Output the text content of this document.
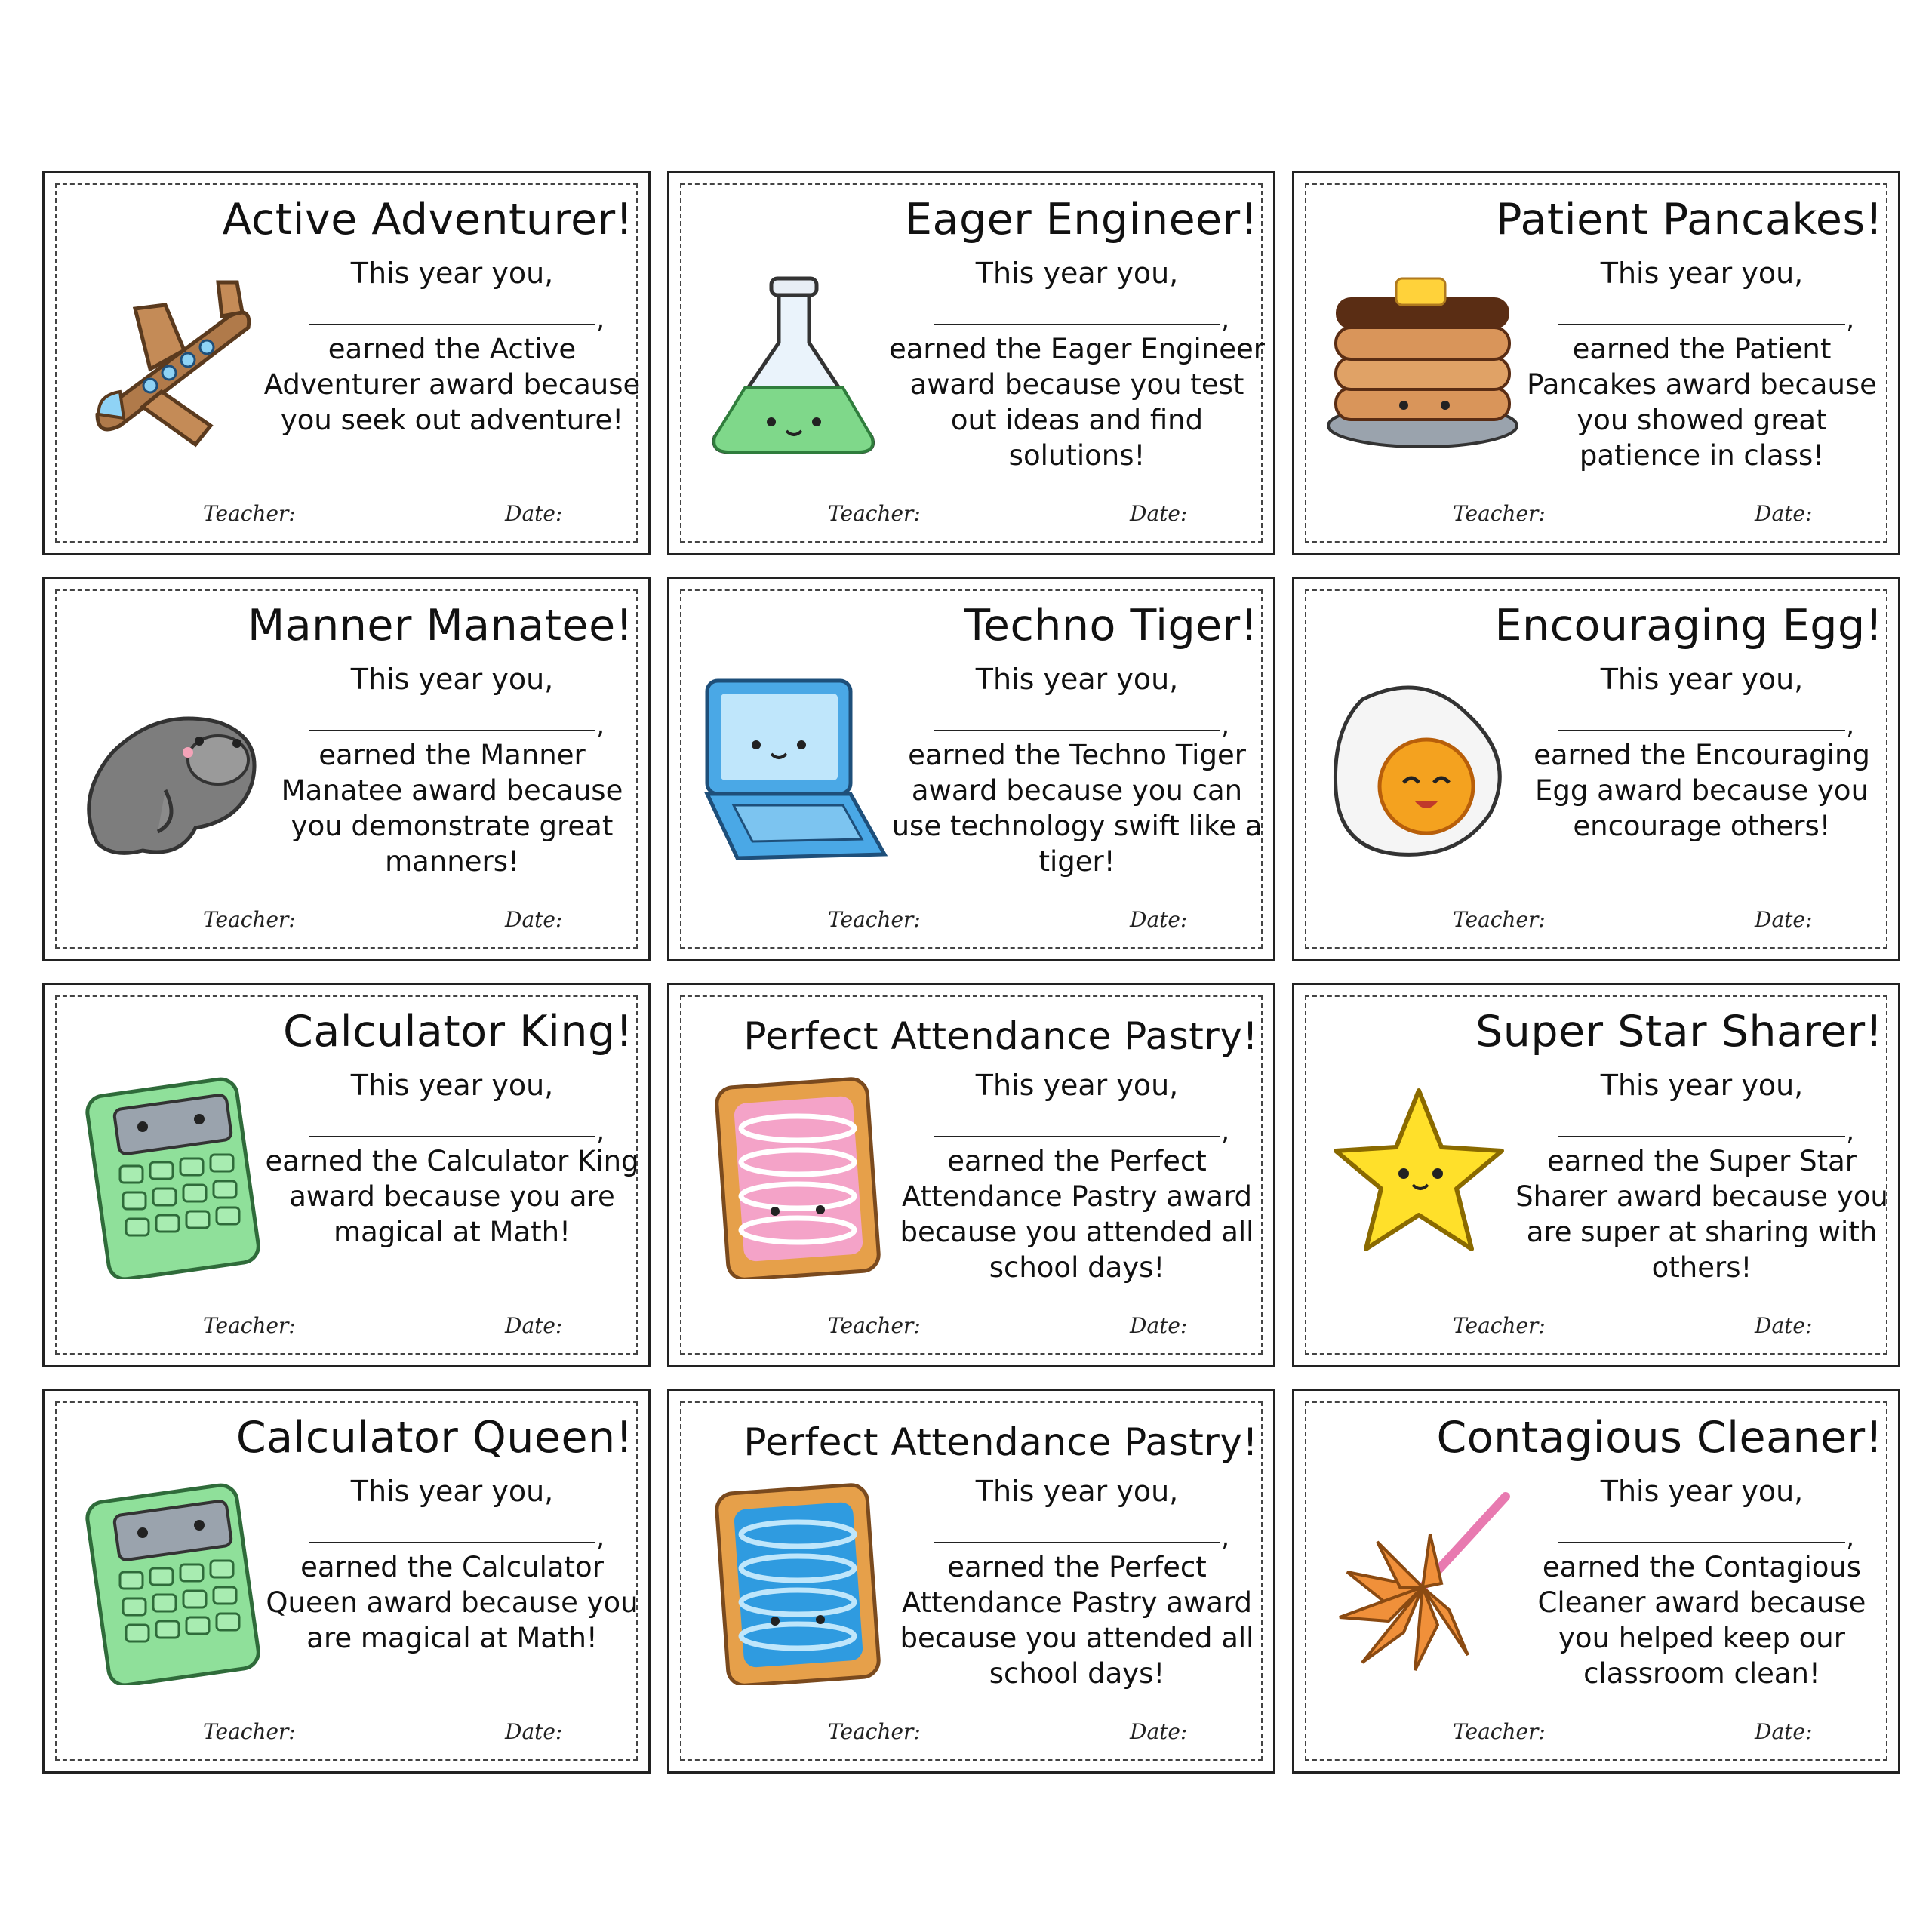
Active Adventurer!
This year you,
,
earned the Active Adventurer award because you seek out adventure!
Teacher:	Date:
Eager Engineer!
This year you,
,
earned the Eager Engineer award because you test out ideas and find solutions!
Teacher:	Date:
Patient Pancakes!
This year you,
,
earned the Patient Pancakes award because you showed great patience in class!
Teacher:	Date:
Manner Manatee!
This year you,
,
earned the Manner Manatee award because you demonstrate great manners!
Teacher:	Date:
Techno Tiger!
This year you,
,
earned the Techno Tiger award because you can use technology swift like a tiger!
Teacher:	Date:
Encouraging Egg!
This year you,
,
earned the Encouraging Egg award because you encourage others!
Teacher:	Date:
Calculator King!
This year you,
,
earned the Calculator King award because you are magical at Math!
Teacher:	Date:
Perfect Attendance Pastry!
This year you,
,
earned the Perfect Attendance Pastry award because you attended all school days!
Teacher:	Date:
Super Star Sharer!
This year you,
,
earned the Super Star Sharer award because you are super at sharing with others!
Teacher:	Date:
Calculator Queen!
This year you,
,
earned the Calculator Queen award because you are magical at Math!
Teacher:	Date:
Perfect Attendance Pastry!
This year you,
,
earned the Perfect Attendance Pastry award because you attended all school days!
Teacher:	Date:
Contagious Cleaner!
This year you,
,
earned the Contagious Cleaner award because you helped keep our classroom clean!
Teacher:	Date:
